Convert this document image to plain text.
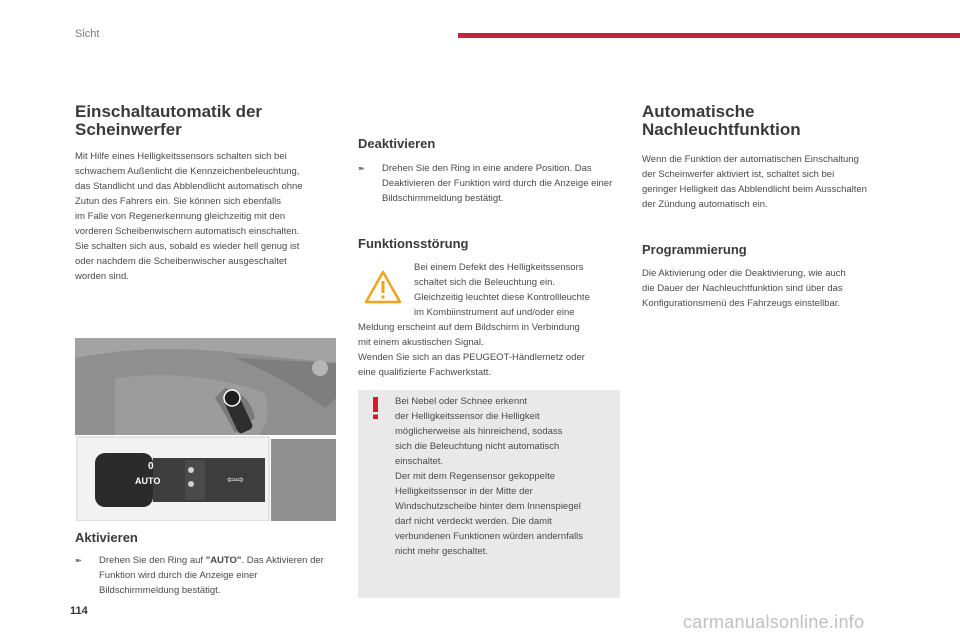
Sicht
Einschaltautomatik der
Scheinwerfer

Mit Hilfe eines Helligkeitssensors schalten sich bei
schwachem Außenlicht die Kennzeichenbeleuchtung,
das Standlicht und das Abblendlicht automatisch ohne
Zutun des Fahrers ein. Sie können sich ebenfalls
im Falle von Regenerkennung gleichzeitig mit den
vorderen Scheibenwischern automatisch einschalten.
Sie schalten sich aus, sobald es wieder hell genug ist
oder nachdem die Scheibenwischer ausgeschaltet
worden sind.

0
AUTO	⇦⇨
Aktivieren
➽	Drehen Sie den Ring auf "AUTO". Das Aktivieren der Funktion wird durch die Anzeige einer Bildschirmmeldung bestätigt.
Deaktivieren
➽	Drehen Sie den Ring in eine andere Position. Das Deaktivieren der Funktion wird durch die Anzeige einer Bildschirmmeldung bestätigt.
Funktionsstörung

Bei einem Defekt des Helligkeitssensors
schaltet sich die Beleuchtung ein.
Gleichzeitig leuchtet diese Kontrollleuchte
im Kombiinstrument auf und/oder eine

Meldung erscheint auf dem Bildschirm in Verbindung
mit einem akustischen Signal.
Wenden Sie sich an das PEUGEOT-Händlernetz oder
eine qualifizierte Fachwerkstatt.

Bei Nebel oder Schnee erkennt
der Helligkeitssensor die Helligkeit
möglicherweise als hinreichend, sodass
sich die Beleuchtung nicht automatisch
einschaltet.
Der mit dem Regensensor gekoppelte
Helligkeitssensor in der Mitte der
Windschutzscheibe hinter dem Innenspiegel
darf nicht verdeckt werden. Die damit
verbundenen Funktionen würden andernfalls
nicht mehr geschaltet.

Automatische
Nachleuchtfunktion

Wenn die Funktion der automatischen Einschaltung
der Scheinwerfer aktiviert ist, schaltet sich bei
geringer Helligkeit das Abblendlicht beim Ausschalten
der Zündung automatisch ein.

Programmierung

Die Aktivierung oder die Deaktivierung, wie auch
die Dauer der Nachleuchtfunktion sind über das
Konfigurationsmenü des Fahrzeugs einstellbar.

114
carmanualsonline.info
